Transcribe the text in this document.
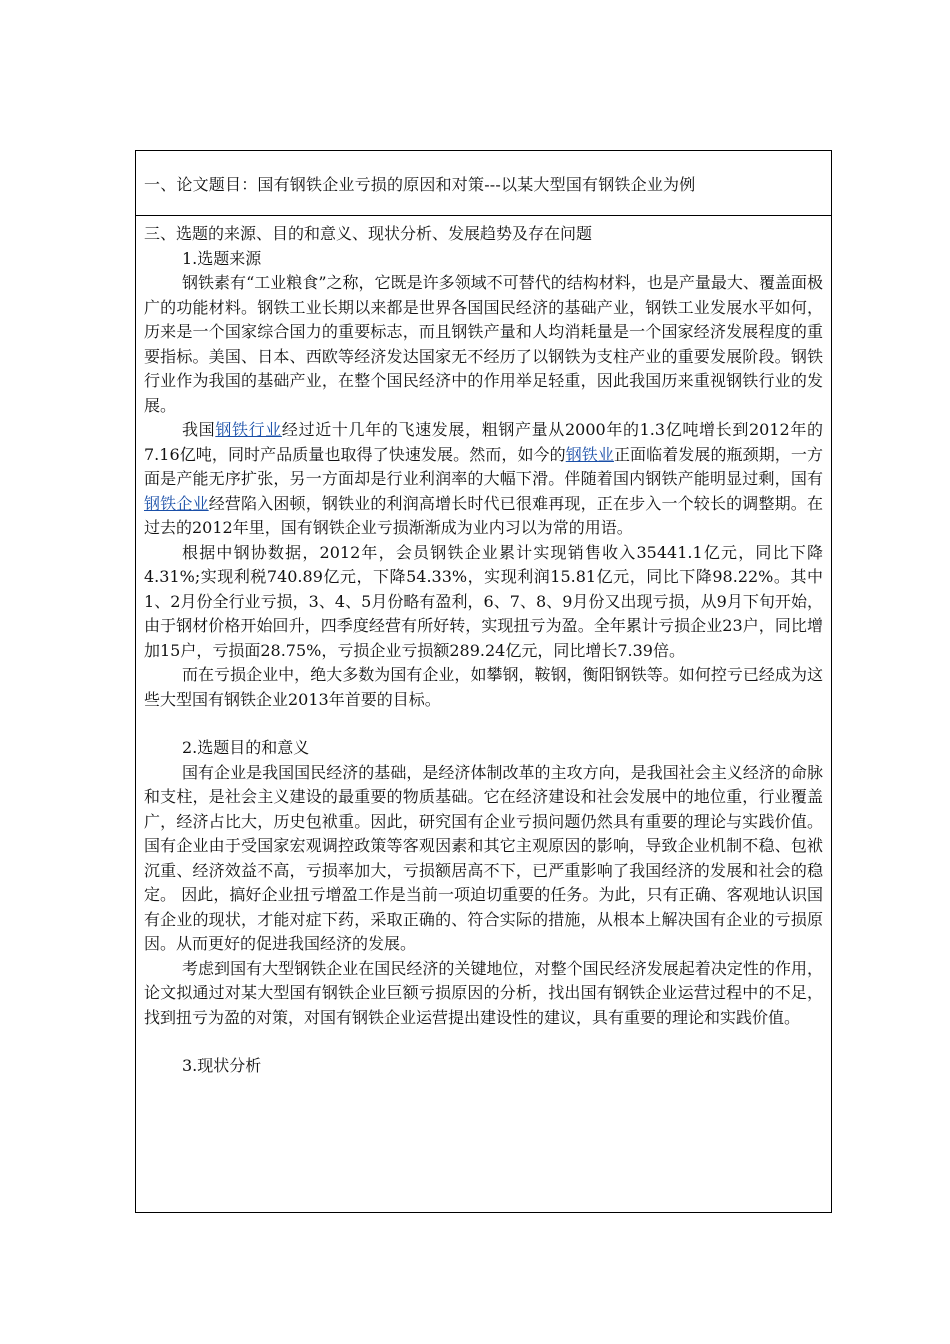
一、论文题目：国有钢铁企业亏损的原因和对策---以某大型国有钢铁企业为例

三、选题的来源、目的和意义、现状分析、发展趋势及存在问题

1.选题来源

钢铁素有“工业粮食”之称，它既是许多领域不可替代的结构材料，也是产量最大、覆盖面极广的功能材料。钢铁工业长期以来都是世界各国国民经济的基础产业，钢铁工业发展水平如何，历来是一个国家综合国力的重要标志，而且钢铁产量和人均消耗量是一个国家经济发展程度的重要指标。美国、日本、西欧等经济发达国家无不经历了以钢铁为支柱产业的重要发展阶段。钢铁行业作为我国的基础产业，在整个国民经济中的作用举足轻重，因此我国历来重视钢铁行业的发展。

我国钢铁行业经过近十几年的飞速发展，粗钢产量从2000年的1.3亿吨增长到2012年的7.16亿吨，同时产品质量也取得了快速发展。然而，如今的钢铁业正面临着发展的瓶颈期，一方面是产能无序扩张，另一方面却是行业利润率的大幅下滑。伴随着国内钢铁产能明显过剩，国有钢铁企业经营陷入困顿，钢铁业的利润高增长时代已很难再现，正在步入一个较长的调整期。在过去的2012年里，国有钢铁企业亏损渐渐成为业内习以为常的用语。

根据中钢协数据，2012年，会员钢铁企业累计实现销售收入35441.1亿元，同比下降4.31%;实现利税740.89亿元，下降54.33%，实现利润15.81亿元，同比下降98.22%。其中1、2月份全行业亏损，3、4、5月份略有盈利，6、7、8、9月份又出现亏损，从9月下旬开始，由于钢材价格开始回升，四季度经营有所好转，实现扭亏为盈。全年累计亏损企业23户，同比增加15户，亏损面28.75%，亏损企业亏损额289.24亿元，同比增长7.39倍。

而在亏损企业中，绝大多数为国有企业，如攀钢，鞍钢，衡阳钢铁等。如何控亏已经成为这些大型国有钢铁企业2013年首要的目标。

2.选题目的和意义

国有企业是我国国民经济的基础，是经济体制改革的主攻方向，是我国社会主义经济的命脉和支柱，是社会主义建设的最重要的物质基础。它在经济建设和社会发展中的地位重，行业覆盖广，经济占比大，历史包袱重。因此，研究国有企业亏损问题仍然具有重要的理论与实践价值。 国有企业由于受国家宏观调控政策等客观因素和其它主观原因的影响，导致企业机制不稳、包袱沉重、经济效益不高，亏损率加大，亏损额居高不下，已严重影响了我国经济的发展和社会的稳定。 因此，搞好企业扭亏增盈工作是当前一项迫切重要的任务。为此，只有正确、客观地认识国有企业的现状，才能对症下药，采取正确的、符合实际的措施，从根本上解决国有企业的亏损原因。从而更好的促进我国经济的发展。

考虑到国有大型钢铁企业在国民经济的关键地位，对整个国民经济发展起着决定性的作用，论文拟通过对某大型国有钢铁企业巨额亏损原因的分析，找出国有钢铁企业运营过程中的不足，找到扭亏为盈的对策，对国有钢铁企业运营提出建设性的建议，具有重要的理论和实践价值。

3.现状分析
